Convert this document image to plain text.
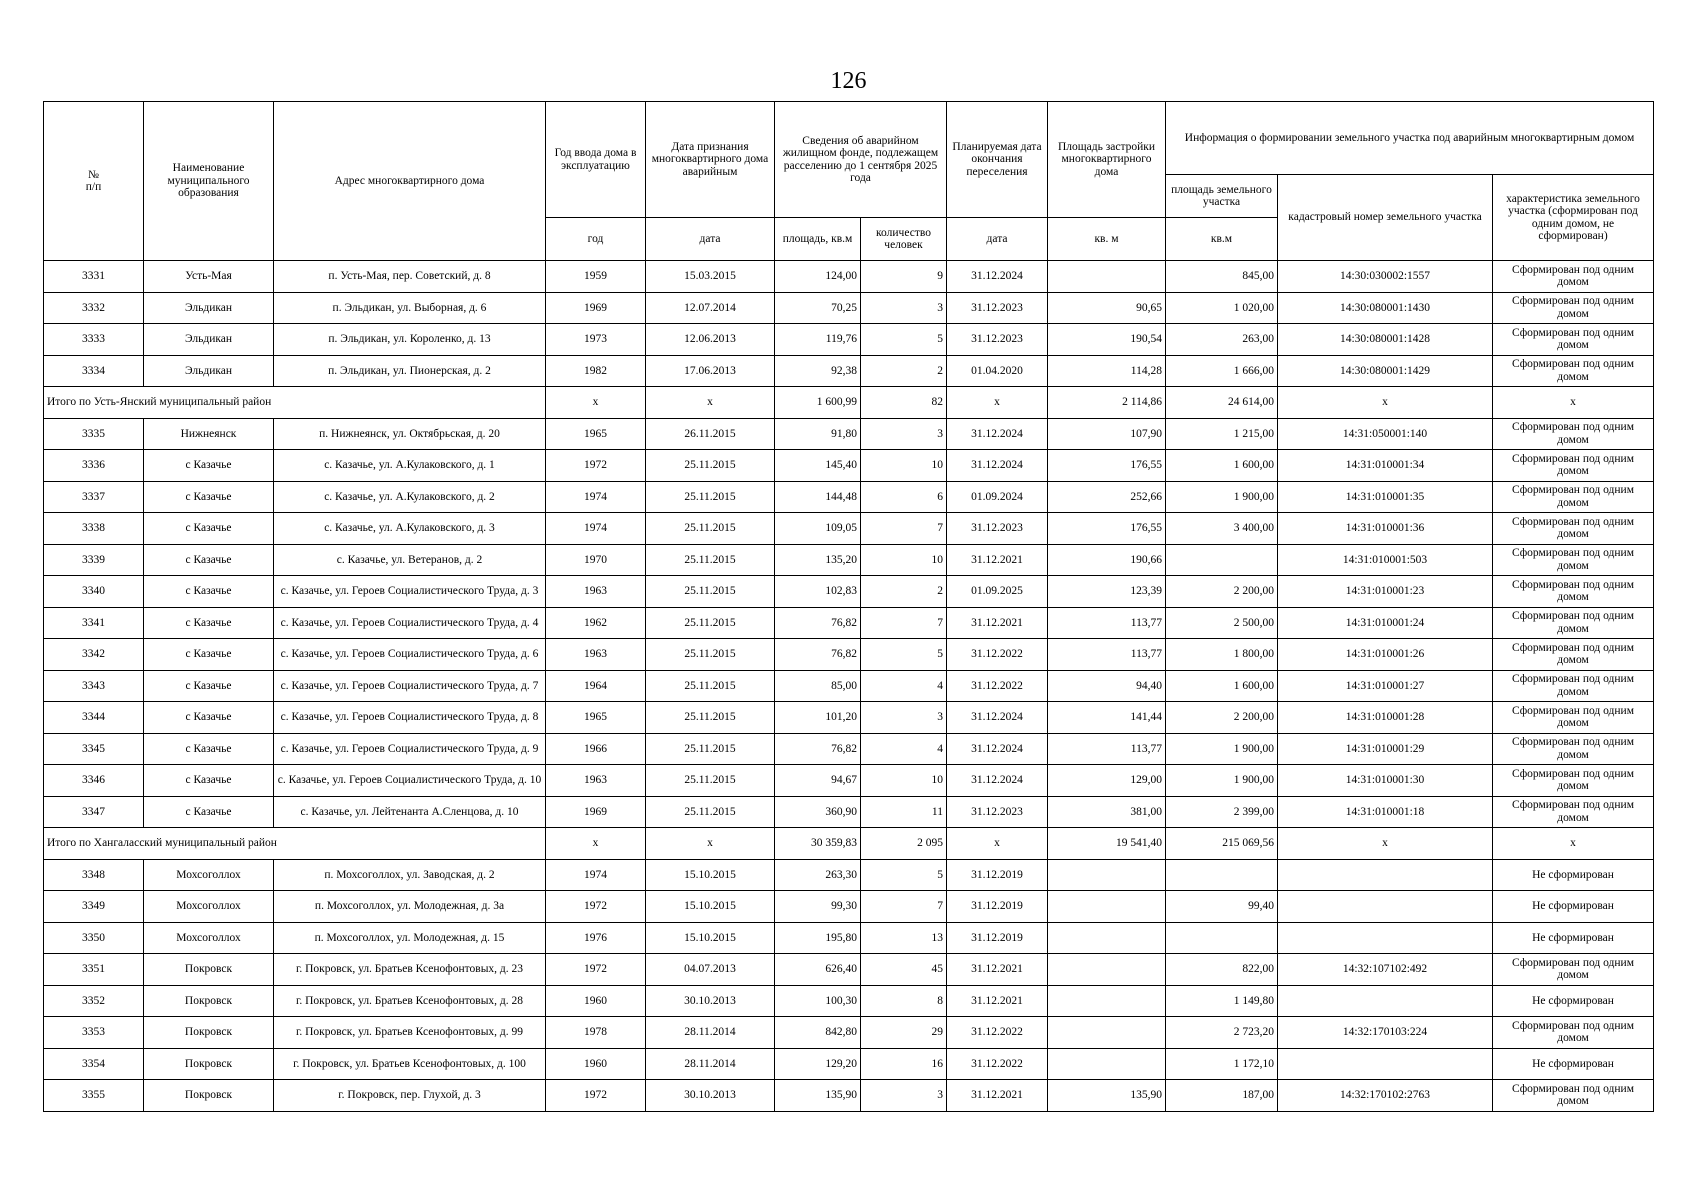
126
№
п/п	Наименование муниципального образования	Адрес многоквартирного дома	Год ввода дома в эксплуатацию	Дата признания многоквартирного дома аварийным	Сведения об аварийном жилищном фонде, подлежащем расселению до 1 сентября 2025 года		Планируемая дата окончания переселения	Площадь застройки многоквартирного дома	Информация о формировании земельного участка под аварийным многоквартирным домом		
									площадь земельного участка	кадастровый номер земельного участка	характеристика земельного участка (сформирован под одним домом, не сформирован)
			год	дата	площадь, кв.м	количество человек	дата	кв. м	кв.м		
3331	Усть-Мая	п. Усть-Мая, пер. Советский, д. 8	1959	15.03.2015	124,00	9	31.12.2024		845,00	14:30:030002:1557	Сформирован под одним домом
3332	Эльдикан	п. Эльдикан, ул. Выборная, д. 6	1969	12.07.2014	70,25	3	31.12.2023	90,65	1 020,00	14:30:080001:1430	Сформирован под одним домом
3333	Эльдикан	п. Эльдикан, ул. Короленко, д. 13	1973	12.06.2013	119,76	5	31.12.2023	190,54	263,00	14:30:080001:1428	Сформирован под одним домом
3334	Эльдикан	п. Эльдикан, ул. Пионерская, д. 2	1982	17.06.2013	92,38	2	01.04.2020	114,28	1 666,00	14:30:080001:1429	Сформирован под одним домом
Итого по Усть-Янский муниципальный район			x	x	1 600,99	82	x	2 114,86	24 614,00	x	x
3335	Нижнеянск	п. Нижнеянск, ул. Октябрьская, д. 20	1965	26.11.2015	91,80	3	31.12.2024	107,90	1 215,00	14:31:050001:140	Сформирован под одним домом
3336	с Казачье	с. Казачье, ул. А.Кулаковского, д. 1	1972	25.11.2015	145,40	10	31.12.2024	176,55	1 600,00	14:31:010001:34	Сформирован под одним домом
3337	с Казачье	с. Казачье, ул. А.Кулаковского, д. 2	1974	25.11.2015	144,48	6	01.09.2024	252,66	1 900,00	14:31:010001:35	Сформирован под одним домом
3338	с Казачье	с. Казачье, ул. А.Кулаковского, д. 3	1974	25.11.2015	109,05	7	31.12.2023	176,55	3 400,00	14:31:010001:36	Сформирован под одним домом
3339	с Казачье	с. Казачье, ул. Ветеранов, д. 2	1970	25.11.2015	135,20	10	31.12.2021	190,66		14:31:010001:503	Сформирован под одним домом
3340	с Казачье	с. Казачье, ул. Героев Социалистического Труда, д. 3	1963	25.11.2015	102,83	2	01.09.2025	123,39	2 200,00	14:31:010001:23	Сформирован под одним домом
3341	с Казачье	с. Казачье, ул. Героев Социалистического Труда, д. 4	1962	25.11.2015	76,82	7	31.12.2021	113,77	2 500,00	14:31:010001:24	Сформирован под одним домом
3342	с Казачье	с. Казачье, ул. Героев Социалистического Труда, д. 6	1963	25.11.2015	76,82	5	31.12.2022	113,77	1 800,00	14:31:010001:26	Сформирован под одним домом
3343	с Казачье	с. Казачье, ул. Героев Социалистического Труда, д. 7	1964	25.11.2015	85,00	4	31.12.2022	94,40	1 600,00	14:31:010001:27	Сформирован под одним домом
3344	с Казачье	с. Казачье, ул. Героев Социалистического Труда, д. 8	1965	25.11.2015	101,20	3	31.12.2024	141,44	2 200,00	14:31:010001:28	Сформирован под одним домом
3345	с Казачье	с. Казачье, ул. Героев Социалистического Труда, д. 9	1966	25.11.2015	76,82	4	31.12.2024	113,77	1 900,00	14:31:010001:29	Сформирован под одним домом
3346	с Казачье	с. Казачье, ул. Героев Социалистического Труда, д. 10	1963	25.11.2015	94,67	10	31.12.2024	129,00	1 900,00	14:31:010001:30	Сформирован под одним домом
3347	с Казачье	с. Казачье, ул. Лейтенанта А.Сленцова, д. 10	1969	25.11.2015	360,90	11	31.12.2023	381,00	2 399,00	14:31:010001:18	Сформирован под одним домом
Итого по Хангаласский муниципальный район			x	x	30 359,83	2 095	x	19 541,40	215 069,56	x	x
3348	Мохсоголлох	п. Мохсоголлох, ул. Заводская, д. 2	1974	15.10.2015	263,30	5	31.12.2019				Не сформирован
3349	Мохсоголлох	п. Мохсоголлох, ул. Молодежная, д. 3а	1972	15.10.2015	99,30	7	31.12.2019		99,40		Не сформирован
3350	Мохсоголлох	п. Мохсоголлох, ул. Молодежная, д. 15	1976	15.10.2015	195,80	13	31.12.2019				Не сформирован
3351	Покровск	г. Покровск, ул. Братьев Ксенофонтовых, д. 23	1972	04.07.2013	626,40	45	31.12.2021		822,00	14:32:107102:492	Сформирован под одним домом
3352	Покровск	г. Покровск, ул. Братьев Ксенофонтовых, д. 28	1960	30.10.2013	100,30	8	31.12.2021		1 149,80		Не сформирован
3353	Покровск	г. Покровск, ул. Братьев Ксенофонтовых, д. 99	1978	28.11.2014	842,80	29	31.12.2022		2 723,20	14:32:170103:224	Сформирован под одним домом
3354	Покровск	г. Покровск, ул. Братьев Ксенофонтовых, д. 100	1960	28.11.2014	129,20	16	31.12.2022		1 172,10		Не сформирован
3355	Покровск	г. Покровск, пер. Глухой, д. 3	1972	30.10.2013	135,90	3	31.12.2021	135,90	187,00	14:32:170102:2763	Сформирован под одним домом
